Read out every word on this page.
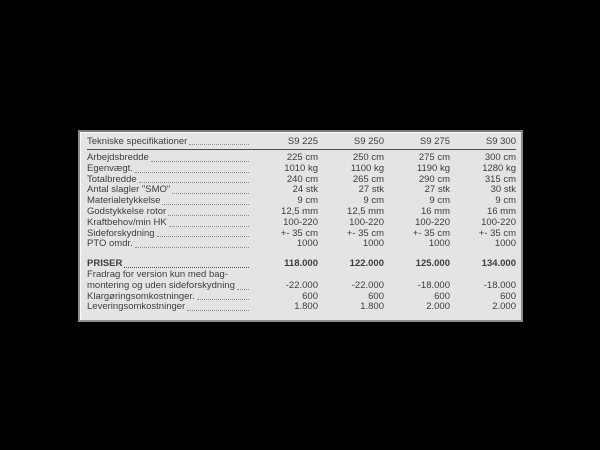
Tekniske specifikationer	S9 225	S9 250	S9 275	S9 300
Arbejdsbredde	225 cm	250 cm	275 cm	300 cm
Egenvægt.	1010 kg	1100 kg	1190 kg	1280 kg
Totalbredde	240 cm	265 cm	290 cm	315 cm
Antal slagler "SMO"	24 stk	27 stk	27 stk	30 stk
Materialetykkelse	9 cm	9 cm	9 cm	9 cm
Godstykkelse rotor	12,5 mm	12,5 mm	16 mm	16 mm
Kraftbehov/min HK	100-220	100-220	100-220	100-220
Sideforskydning	+- 35 cm	+- 35 cm	+- 35 cm	+- 35 cm
PTO omdr.	1000	1000	1000	1000
PRISER	118.000	122.000	125.000	134.000
Fradrag for version kun med bag-
montering og uden sideforskydning	-22.000	-22.000	-18.000	-18.000
Klargøringsomkostninger.	600	600	600	600
Leveringsomkostninger	1.800	1.800	2.000	2.000
